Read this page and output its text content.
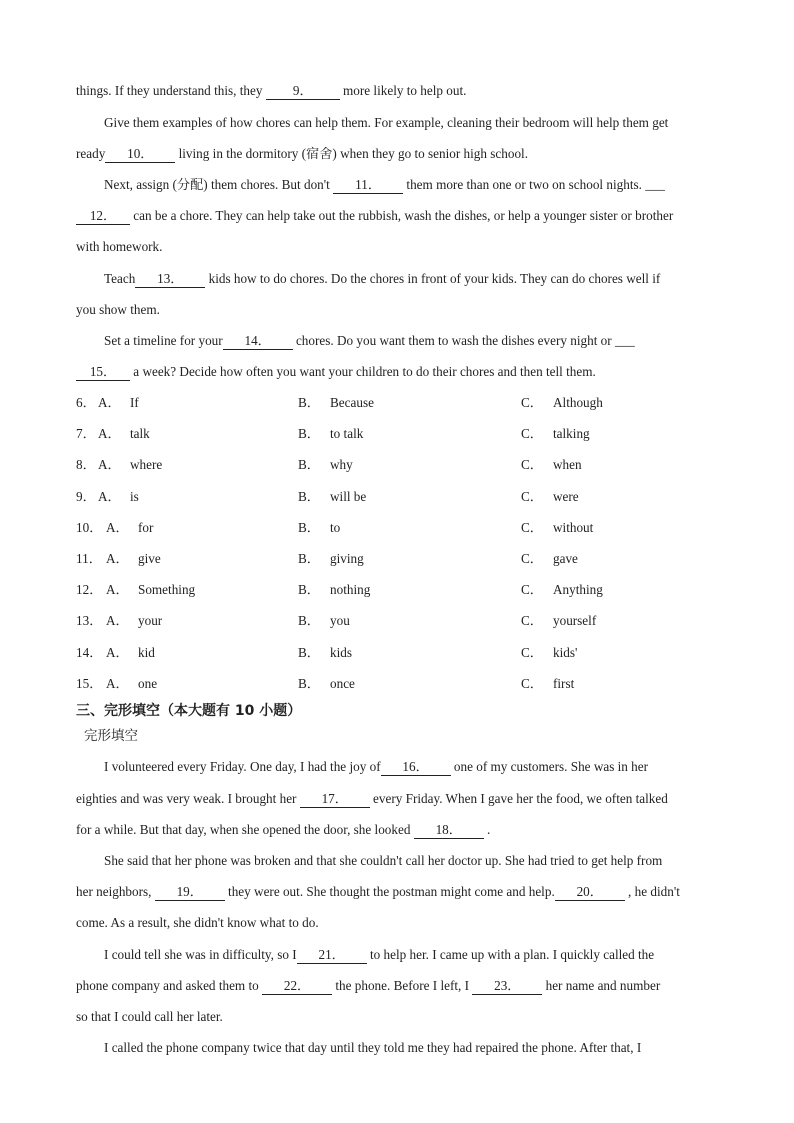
things. If they understand this, they 9． more likely to help out.
Give them examples of how chores can help them. For example, cleaning their bedroom will help them get
ready 10． living in the dormitory (宿舍) when they go to senior high school.
Next, assign (分配) them chores. But don't 11． them more than one or two on school nights. ___
12． can be a chore. They can help take out the rubbish, wash the dishes, or help a younger sister or brother
with homework.
Teach 13． kids how to do chores. Do the chores in front of your kids. They can do chores well if
you show them.
Set a timeline for your 14． chores. Do you want them to wash the dishes every night or ___
15． a week? Decide how often you want your children to do their chores and then tell them.
6． A． If	B． Because	C． Although
7． A． talk	B． to talk	C． talking
8． A． where	B． why	C． when
9． A． is	B． will be	C． were
10． A． for	B． to	C． without
11． A． give	B． giving	C． gave
12． A． Something	B． nothing	C． Anything
13． A． your	B． you	C． yourself
14． A． kid	B． kids	C． kids'
15． A． one	B． once	C． first
三、完形填空（本大题有 10 小题）
完形填空
I volunteered every Friday. One day, I had the joy of 16． one of my customers. She was in her
eighties and was very weak. I brought her 17． every Friday. When I gave her the food, we often talked
for a while. But that day, when she opened the door, she looked 18． .
She said that her phone was broken and that she couldn't call her doctor up. She had tried to get help from
her neighbors, 19． they were out. She thought the postman might come and help. 20． , he didn't
come. As a result, she didn't know what to do.
I could tell she was in difficulty, so I 21． to help her. I came up with a plan. I quickly called the
phone company and asked them to 22． the phone. Before I left, I 23． her name and number
so that I could call her later.
I called the phone company twice that day until they told me they had repaired the phone. After that, I
